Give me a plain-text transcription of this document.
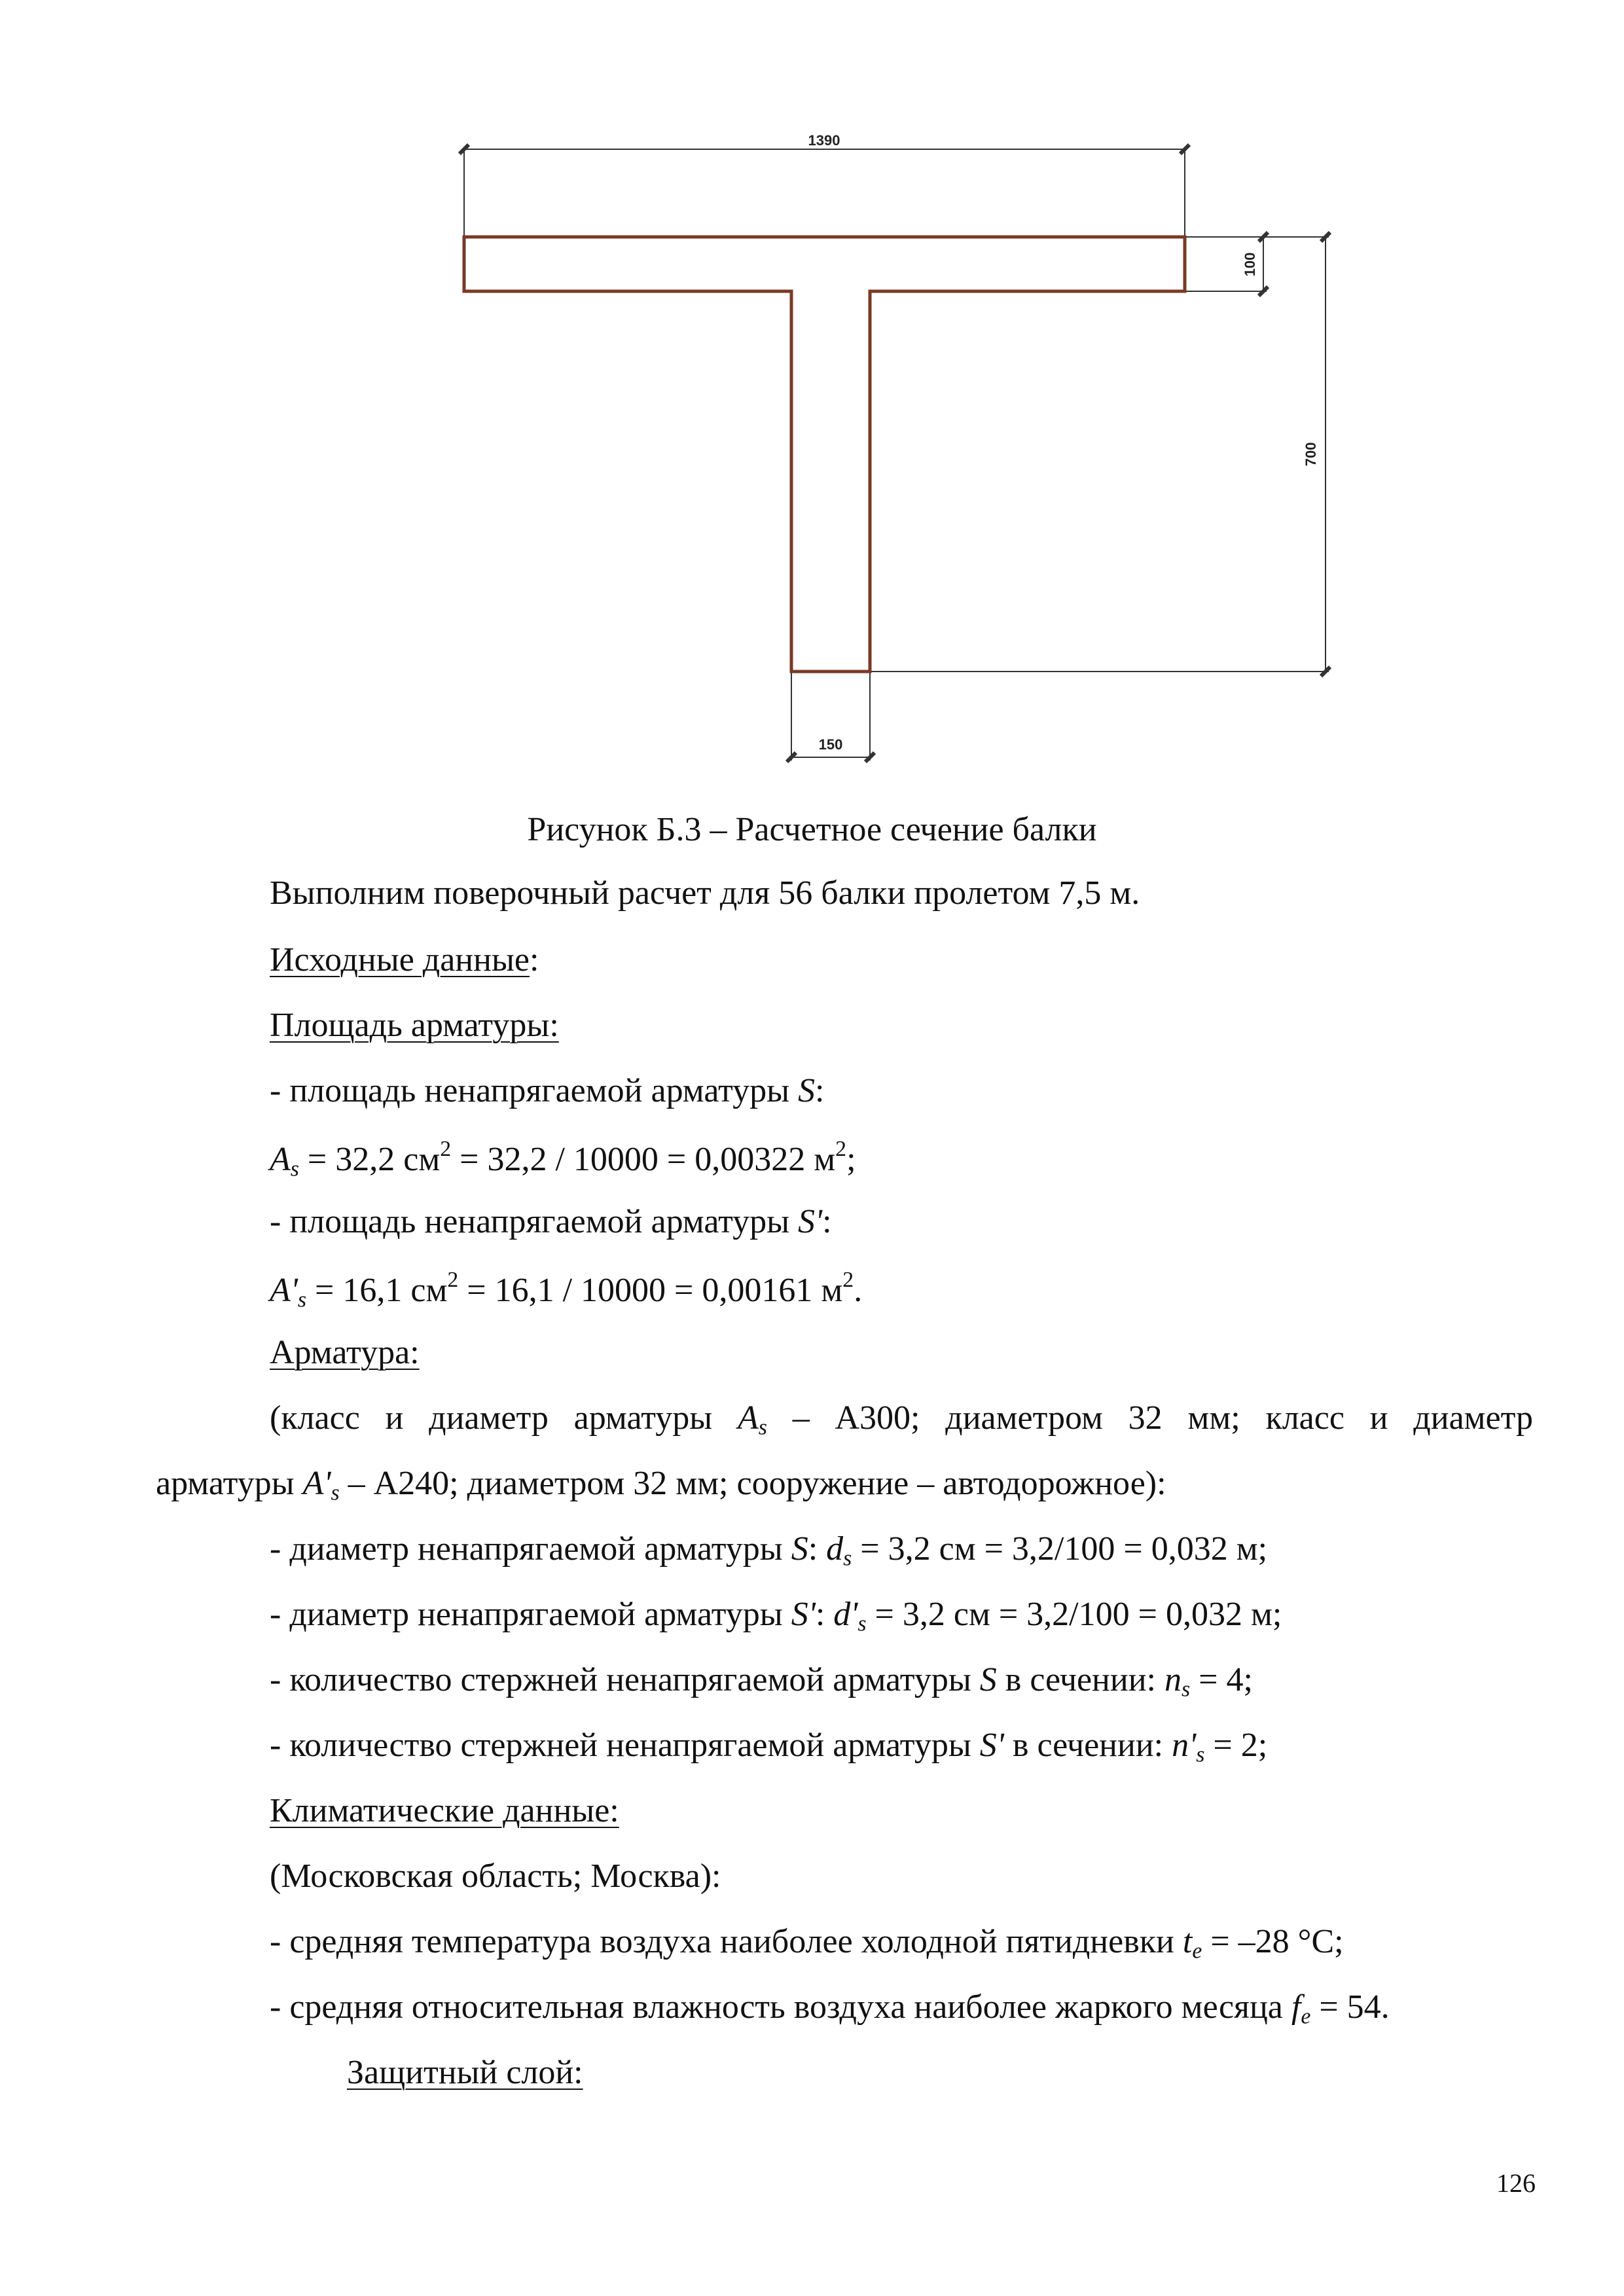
1390
100
700
150
Рисунок Б.3 – Расчетное сечение балки
Выполним поверочный расчет для 56 балки пролетом 7,5 м.
Исходные данные:
Площадь арматуры:
- площадь ненапрягаемой арматуры S:
$A_s = 32,2$ $см^2 = 32,2 / 10000 = 0,00322$ $м^2$;
- площадь ненапрягаемой арматуры S':
$A'_s = 16,1$ $см^2 = 16,1 / 10000 = 0,00161$ $м^2$.
Арматура:
(класс и диаметр арматуры $A_s - А300$; диаметром 32 мм; класс и диаметр
арматуры $A'_s - А240$; диаметром 32 мм; сооружение – автодорожное):
- диаметр ненапрягаемой арматуры S: $d_s = 3,2$ см = 3,2/100 = 0,032 м;
- диаметр ненапрягаемой арматуры S': $d'_s = 3,2$ см = 3,2/100 = 0,032 м;
- количество стержней ненапрягаемой арматуры S в сечении: $n_s = 4$;
- количество стержней ненапрягаемой арматуры S' в сечении: $n'_s = 2$;
Климатические данные:
(Московская область; Москва):
- средняя температура воздуха наиболее холодной пятидневки $t_e = -28$ °С;
- средняя относительная влажность воздуха наиболее жаркого месяца $f_e = 54$.
Защитный слой:
126
